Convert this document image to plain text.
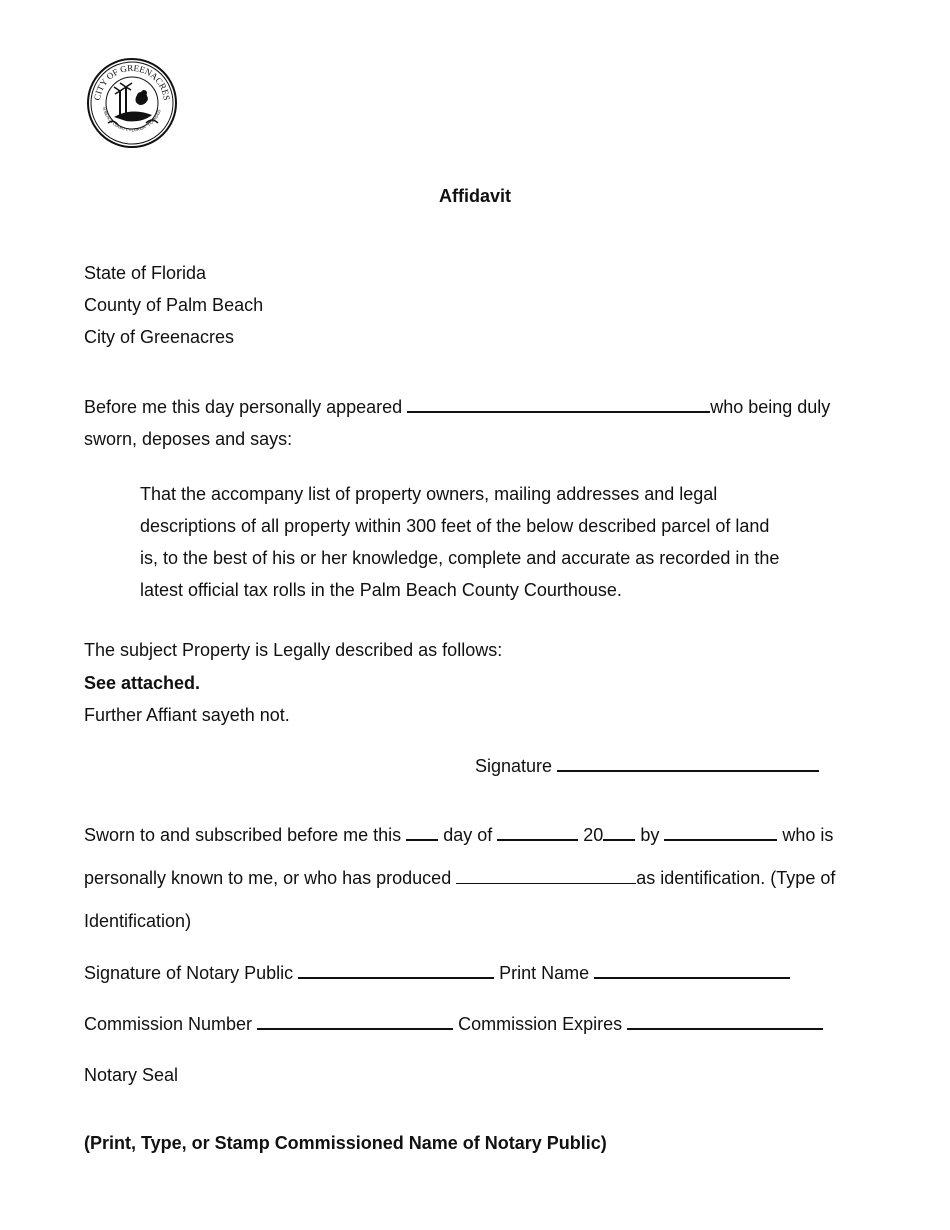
CITY OF GREENACRES
M BEACH COUNTY, FLORIDA · FOUNDED
Affidavit
State of Florida
County of Palm Beach
City of Greenacres
Before me this day personally appeared	who being duly
sworn, deposes and says:

That the accompany list of property owners, mailing addresses and legal

descriptions of all property within 300 feet of the below described parcel of land

is, to the best of his or her knowledge, complete and accurate as recorded in the

latest official tax rolls in the Palm Beach County Courthouse.

The subject Property is Legally described as follows:
See attached.
Further Affiant sayeth not.
Signature
Sworn to and subscribed before me this day of	20 by	who is
personally known to me, or who has produced	as identification. (Type of
Identification)
Signature of Notary Public	Print Name
Commission Number	Commission Expires
Notary Seal
(Print, Type, or Stamp Commissioned Name of Notary Public)
